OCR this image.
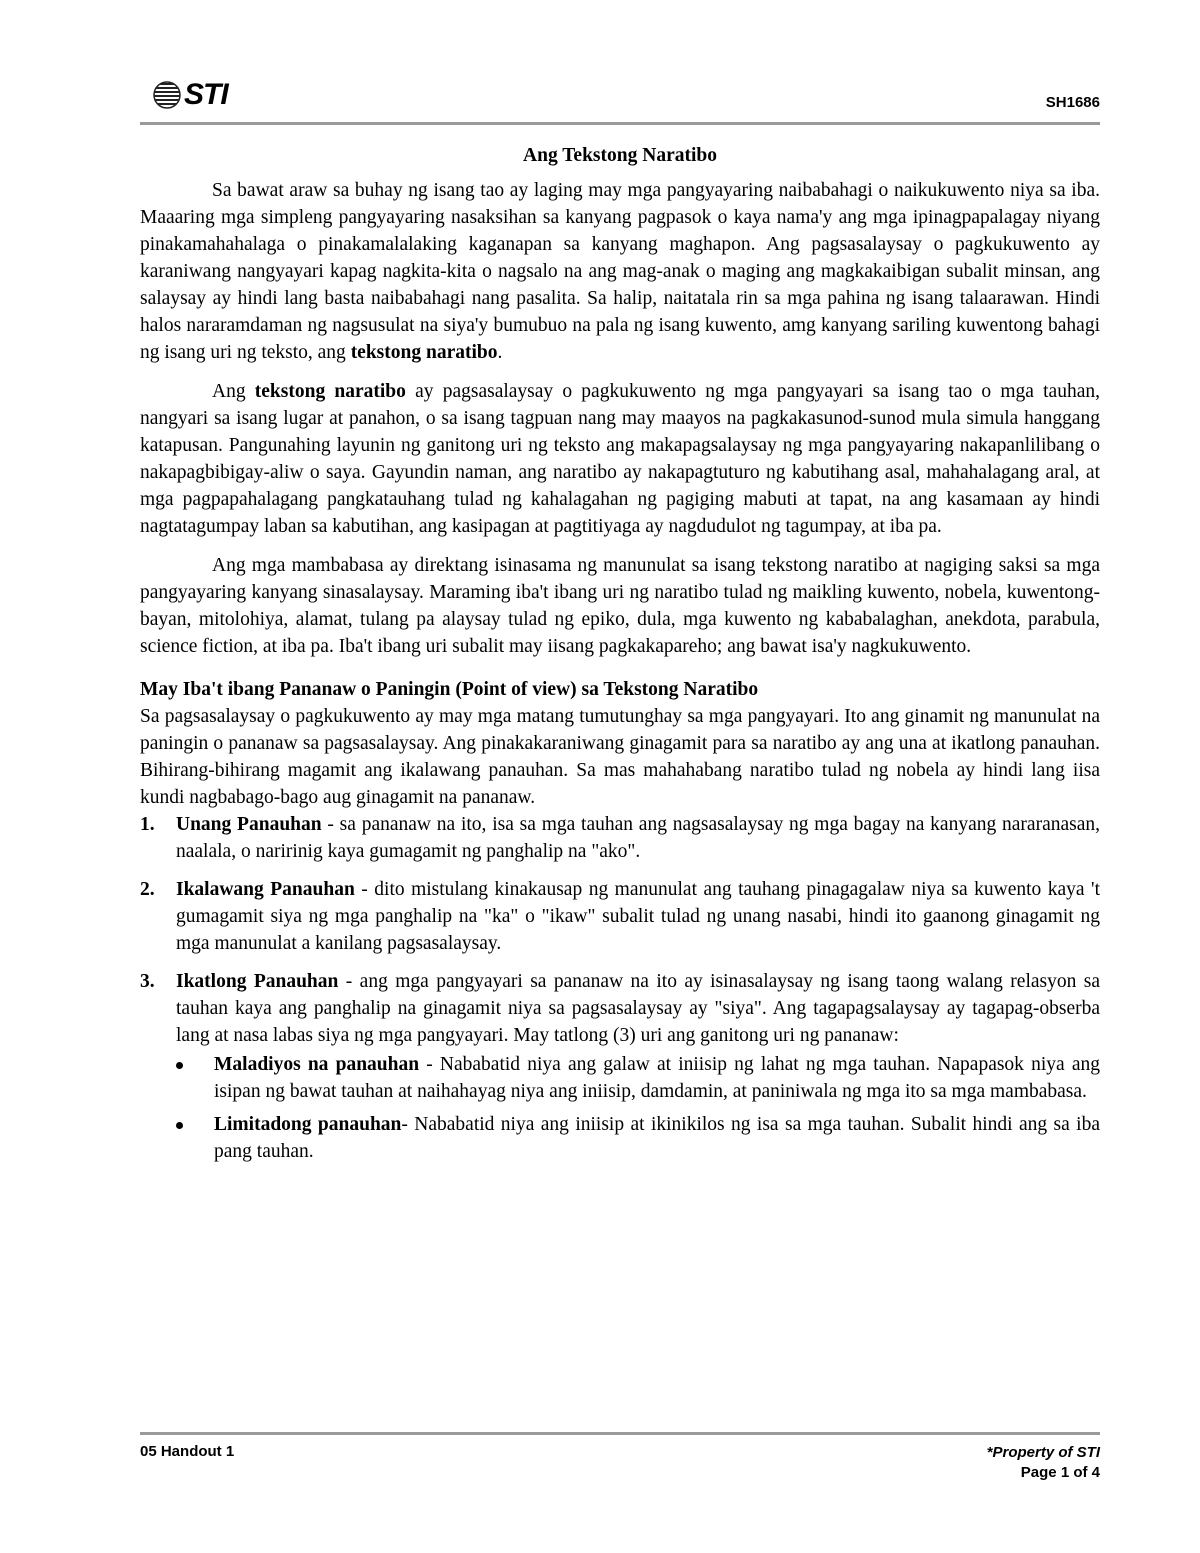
STI	SH1686
Ang Tekstong Naratibo

Sa bawat araw sa buhay ng isang tao ay laging may mga pangyayaring naibabahagi o naikukuwento niya sa iba. Maaaring mga simpleng pangyayaring nasaksihan sa kanyang pagpasok o kaya nama'y ang mga ipinagpapalagay niyang pinakamahahalaga o pinakamalalaking kaganapan sa kanyang maghapon. Ang pagsasalaysay o pagkukuwento ay karaniwang nangyayari kapag nagkita-kita o nagsalo na ang mag-anak o maging ang magkakaibigan subalit minsan, ang salaysay ay hindi lang basta naibabahagi nang pasalita. Sa halip, naitatala rin sa mga pahina ng isang talaarawan. Hindi halos nararamdaman ng nagsusulat na siya'y bumubuo na pala ng isang kuwento, amg kanyang sariling kuwentong bahagi ng isang uri ng teksto, ang tekstong naratibo.

Ang tekstong naratibo ay pagsasalaysay o pagkukuwento ng mga pangyayari sa isang tao o mga tauhan, nangyari sa isang lugar at panahon, o sa isang tagpuan nang may maayos na pagkakasunod-sunod mula simula hanggang katapusan. Pangunahing layunin ng ganitong uri ng teksto ang makapagsalaysay ng mga pangyayaring nakapanlilibang o nakapagbibigay-aliw o saya. Gayundin naman, ang naratibo ay nakapagtuturo ng kabutihang asal, mahahalagang aral, at mga pagpapahalagang pangkatauhang tulad ng kahalagahan ng pagiging mabuti at tapat, na ang kasamaan ay hindi nagtatagumpay laban sa kabutihan, ang kasipagan at pagtitiyaga ay nagdudulot ng tagumpay, at iba pa.

Ang mga mambabasa ay direktang isinasama ng manunulat sa isang tekstong naratibo at nagiging saksi sa mga pangyayaring kanyang sinasalaysay. Maraming iba't ibang uri ng naratibo tulad ng maikling kuwento, nobela, kuwentong-bayan, mitolohiya, alamat, tulang pa alaysay tulad ng epiko, dula, mga kuwento ng kababalaghan, anekdota, parabula, science fiction, at iba pa. Iba't ibang uri subalit may iisang pagkakapareho; ang bawat isa'y nagkukuwento.

May Iba't ibang Pananaw o Paningin (Point of view) sa Tekstong Naratibo

Sa pagsasalaysay o pagkukuwento ay may mga matang tumutunghay sa mga pangyayari. Ito ang ginamit ng manunulat na paningin o pananaw sa pagsasalaysay. Ang pinakakaraniwang ginagamit para sa naratibo ay ang una at ikatlong panauhan. Bihirang-bihirang magamit ang ikalawang panauhan. Sa mas mahahabang naratibo tulad ng nobela ay hindi lang iisa kundi nagbabago-bago aug ginagamit na pananaw.

1. Unang Panauhan - sa pananaw na ito, isa sa mga tauhan ang nagsasalaysay ng mga bagay na kanyang nararanasan, naalala, o naririnig kaya gumagamit ng panghalip na "ako".
2. Ikalawang Panauhan - dito mistulang kinakausap ng manunulat ang tauhang pinagagalaw niya sa kuwento kaya 't gumagamit siya ng mga panghalip na "ka" o "ikaw" subalit tulad ng unang nasabi, hindi ito gaanong ginagamit ng mga manunulat a kanilang pagsasalaysay.
3. Ikatlong Panauhan - ang mga pangyayari sa pananaw na ito ay isinasalaysay ng isang taong walang relasyon sa tauhan kaya ang panghalip na ginagamit niya sa pagsasalaysay ay "siya". Ang tagapagsalaysay ay tagapag-obserba lang at nasa labas siya ng mga pangyayari. May tatlong (3) uri ang ganitong uri ng pananaw:
Maladiyos na panauhan - Nababatid niya ang galaw at iniisip ng lahat ng mga tauhan. Napapasok niya ang isipan ng bawat tauhan at naihahayag niya ang iniisip, damdamin, at paniniwala ng mga ito sa mga mambabasa.
Limitadong panauhan- Nababatid niya ang iniisip at ikinikilos ng isa sa mga tauhan. Subalit hindi ang sa iba pang tauhan.
05 Handout 1	*Property of STI
Page 1 of 4
